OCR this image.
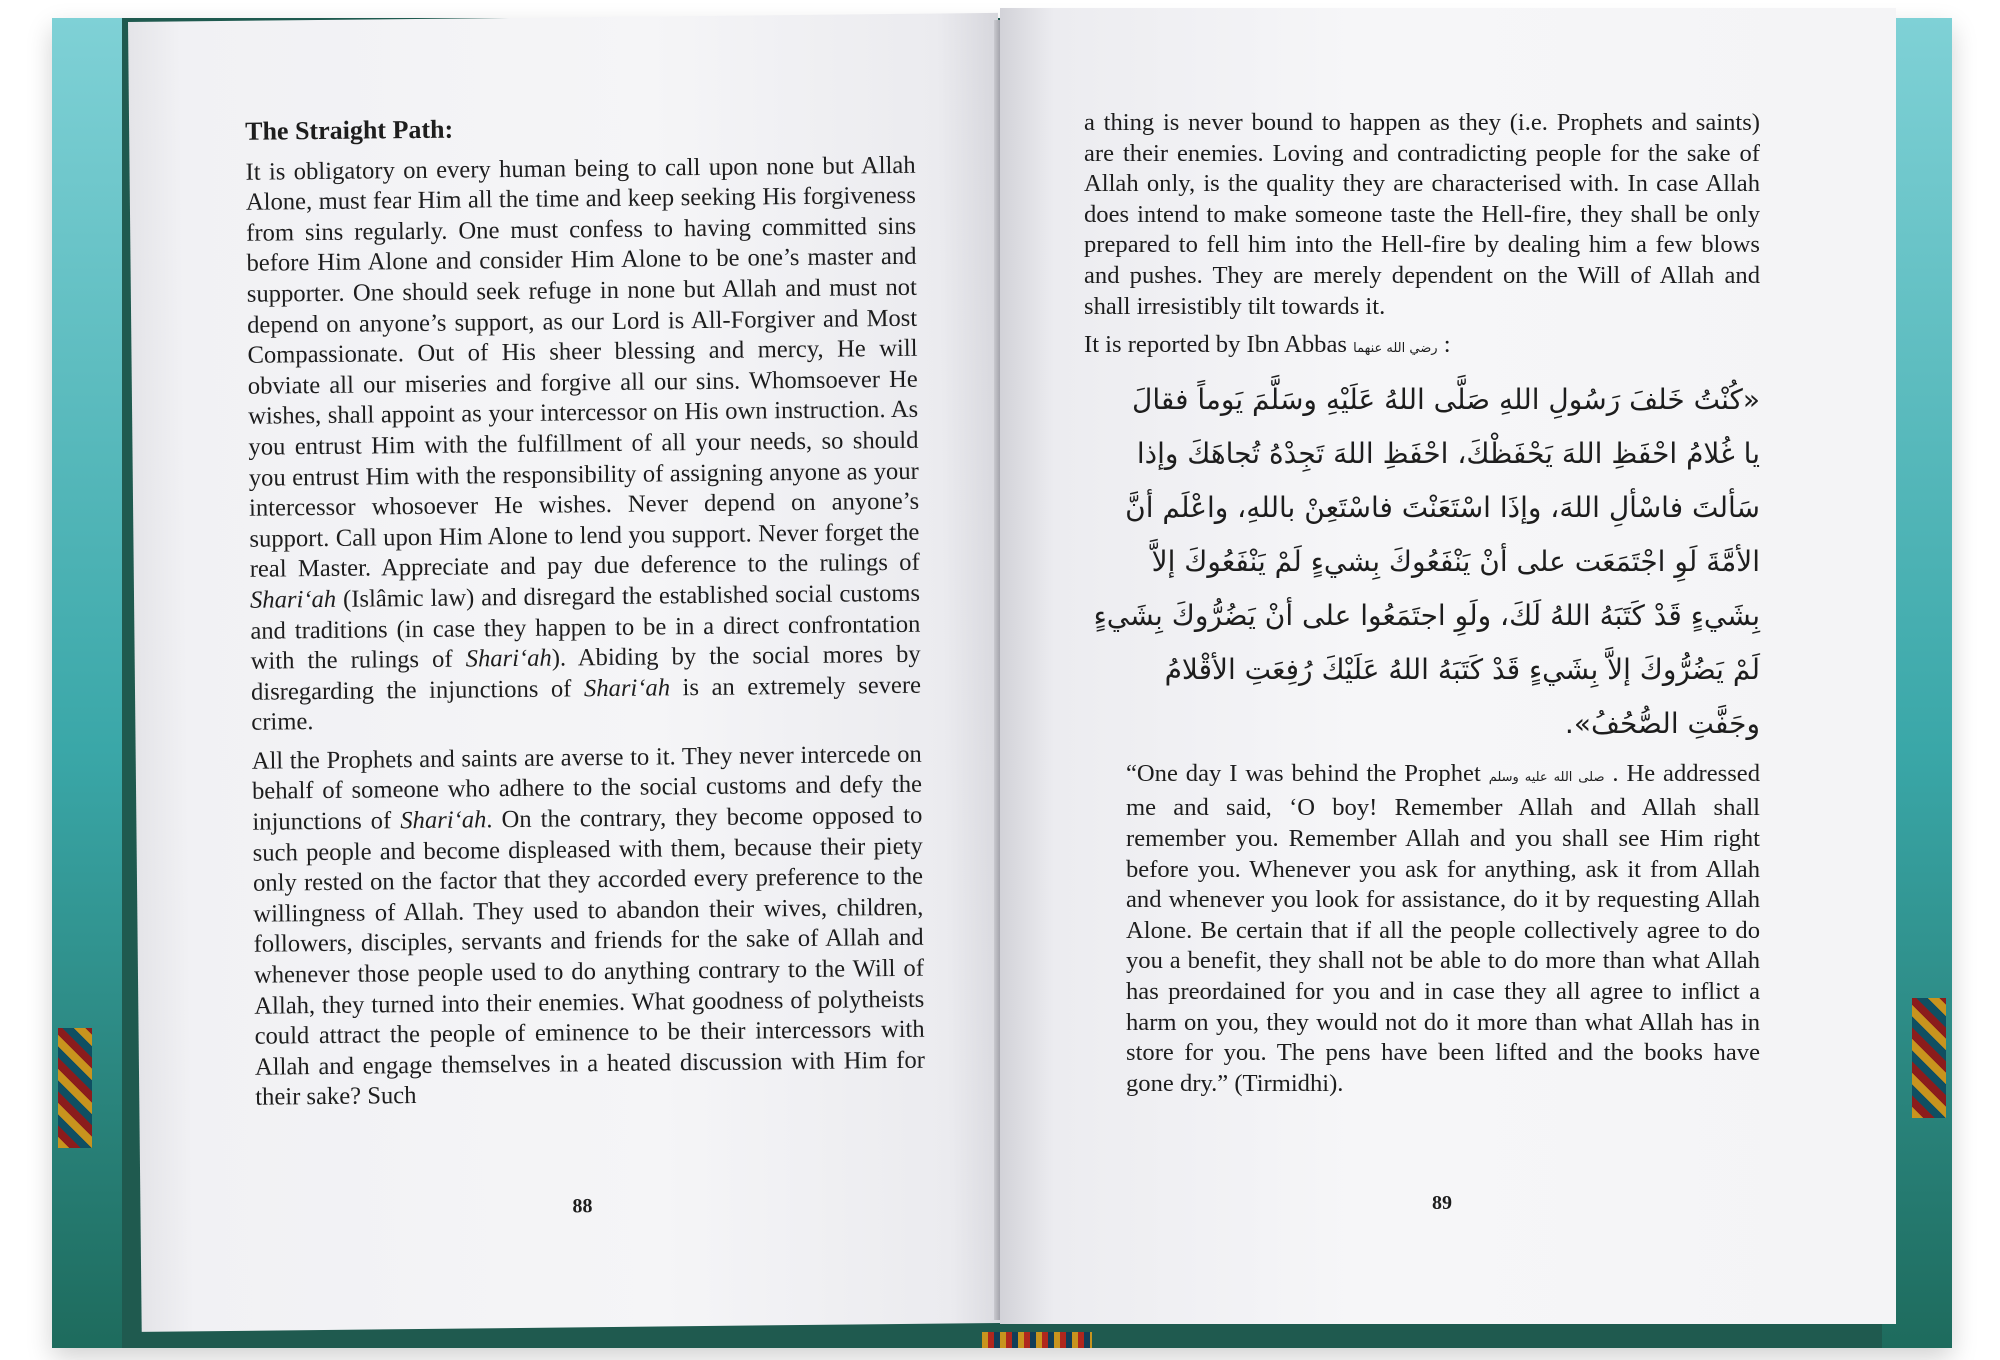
The Straight Path:

It is obligatory on every human being to call upon none but Allah Alone, must fear Him all the time and keep seeking His forgiveness from sins regularly. One must confess to having committed sins before Him Alone and consider Him Alone to be one’s master and supporter. One should seek refuge in none but Allah and must not depend on anyone’s support, as our Lord is All-Forgiver and Most Compassionate. Out of His sheer blessing and mercy, He will obviate all our miseries and forgive all our sins. Whomsoever He wishes, shall appoint as your intercessor on His own instruction. As you entrust Him with the fulfillment of all your needs, so should you entrust Him with the responsibility of assigning anyone as your intercessor whosoever He wishes. Never depend on anyone’s support. Call upon Him Alone to lend you support. Never forget the real Master. Appreciate and pay due deference to the rulings of Shari‘ah (Islâmic law) and disregard the established social customs and traditions (in case they happen to be in a direct confrontation with the rulings of Shari‘ah). Abiding by the social mores by disregarding the injunctions of Shari‘ah is an extremely severe crime.

All the Prophets and saints are averse to it. They never intercede on behalf of someone who adhere to the social customs and defy the injunctions of Shari‘ah. On the contrary, they become opposed to such people and become displeased with them, because their piety only rested on the factor that they accorded every preference to the willingness of Allah. They used to abandon their wives, children, followers, disciples, servants and friends for the sake of Allah and whenever those people used to do anything contrary to the Will of Allah, they turned into their enemies. What goodness of polytheists could attract the people of eminence to be their intercessors with Allah and engage themselves in a heated discussion with Him for their sake? Such

88

a thing is never bound to happen as they (i.e. Prophets and saints) are their enemies. Loving and contradicting people for the sake of Allah only, is the quality they are characterised with. In case Allah does intend to make someone taste the Hell-fire, they shall be only prepared to fell him into the Hell-fire by dealing him a few blows and pushes. They are merely dependent on the Will of Allah and shall irresistibly tilt towards it.

It is reported by Ibn Abbas رضي الله عنهما :

«كُنْتُ خَلفَ رَسُولِ اللهِ صَلَّى اللهُ عَلَيْهِ وسَلَّمَ يَوماً فقالَ
يا غُلامُ احْفَظِ اللهَ يَحْفَظْكَ، احْفَظِ اللهَ تَجِدْهُ تُجاهَكَ وإذا
سَألتَ فاسْألِ اللهَ، وإذَا اسْتَعَنْتَ فاسْتَعِنْ باللهِ، واعْلَم أنَّ
الأمَّةَ لَوِ اجْتَمَعَت على أنْ يَنْفَعُوكَ بِشيءٍ لَمْ يَنْفَعُوكَ إلاَّ
بِشَيءٍ قَدْ كَتَبَهُ اللهُ لَكَ، ولَوِ اجتَمَعُوا على أنْ يَضُرُّوكَ بِشَيءٍ
لَمْ يَضُرُّوكَ إلاَّ بِشَيءٍ قَدْ كَتَبَهُ اللهُ عَلَيْكَ رُفِعَتِ الأقْلامُ
وجَفَّتِ الصُّحُفُ».

“One day I was behind the Prophet صلى الله عليه وسلم . He addressed me and said, ‘O boy! Remember Allah and Allah shall remember you. Remember Allah and you shall see Him right before you. Whenever you ask for anything, ask it from Allah and whenever you look for assistance, do it by requesting Allah Alone. Be certain that if all the people collectively agree to do you a benefit, they shall not be able to do more than what Allah has preordained for you and in case they all agree to inflict a harm on you, they would not do it more than what Allah has in store for you. The pens have been lifted and the books have gone dry.” (Tirmidhi).

89
